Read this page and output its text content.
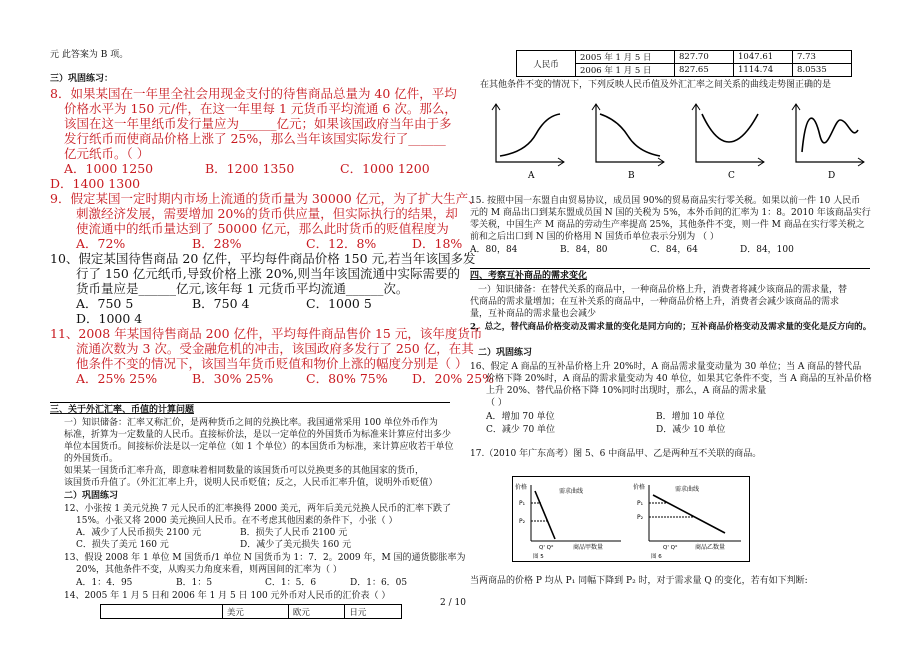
元 此答案为 B 项。
三）巩固练习：
8．如果某国在一年里全社会用现金支付的待售商品总量为 40 亿件，平均
价格水平为 150 元/件，在这一年里每 1 元货币平均流通 6 次。那么，
该国在这一年里纸币发行量应为______亿元；如果该国政府当年由于多
发行纸币而使商品价格上涨了 25%，那么当年该国实际发行了______
亿元纸币。（ ）
A．1000 1250	B．1200 1350	C．1000 1200
D．1400 1300
9．假定某国一定时期内市场上流通的货币量为 30000 亿元，为了扩大生产、
刺激经济发展，需要增加 20%的货币供应量，但实际执行的结果，却
使流通中的纸币量达到了 50000 亿元，那么此时货币的贬值程度为
A．72%	B．28%	C．12．8%	D．18%
10、假定某国待售商品 20 亿件，平均每件商品价格 150 元,若当年该国多发
行了 150 亿元纸币,导致价格上涨 20%,则当年该国流通中实际需要的
货币量应是______亿元,该年每 1 元货币平均流通______次。
A．750 5	B．750 4	C．1000 5
D．1000 4
11、2008 年某国待售商品 200 亿件，平均每件商品售价 15 元，该年度货币
流通次数为 3 次。受金融危机的冲击，该国政府多发行了 250 亿，在其
他条件不变的情况下，该国当年货币贬值和物价上涨的幅度分别是（ ）
A．25% 25%	B．30% 25%	C．80% 75% D．20% 25%
三、关于外汇汇率、币值的计算问题
一）知识储备：汇率又称汇价，是两种货币之间的兑换比率。我国通常采用 100 单位外币作为
标准，折算为一定数量的人民币。直接标价法，是以一定单位的外国货币为标准来计算应付出多少
单位本国货币。间接标价法是以一定单位（如 1 个单位）的本国货币为标准，来计算应收若干单位
的外国货币。
如果某一国货币汇率升高，即意味着相同数量的该国货币可以兑换更多的其他国家的货币，
该国货币升值了。（外汇汇率上升，说明人民币贬值；反之，人民币汇率升值，说明外币贬值）
二）巩固练习
12、小张按 1 美元兑换 7 元人民币的汇率换得 2000 美元，两年后美元兑换人民币的汇率下跌了
15%。小张又将 2000 美元换回人民币。在不考虑其他因素的条件下，小张（ ）
A．减少了人民币损失 2100 元	B．损失了人民币 2100 元
C．损失了美元 160 元	D．减少了美元损失 160 元
13、假设 2008 年 1 单位 M 国货币/1 单位 N 国货币为 1：7．2。2009 年，M 国的通货膨胀率为
20%，其他条件不变，从购买力角度来看，则两国间的汇率为（ ）
A．1：4．95	B．1：5	C．1：5．6	D．1：6．05
14、2005 年 1 月 5 日和 2006 年 1 月 5 日 100 元外币对人民币的汇价表（ ）
	美元	欧元	日元
人民币	2005 年 1 月 5 日	827.70	1047.61	7.73
	2006 年 1 月 5 日	827.65	1114.74	8.0535
在其他条件不变的情况下，下列反映人民币值及外汇汇率之间关系的曲线走势图正确的是
A	B	C	D
15. 按照中国一东盟自由贸易协议，成员国 90%的贸易商品实行零关税。如果以前一件 10 人民币
元的 M 商品出口到某东盟成员国 N 国的关税为 5%，本外币间的汇率为 1：8。2010 年该商品实行
零关税，中国生产 M 商品的劳动生产率提高 25%，其他条件不变，则一件 M 商品在实行零关税之
前和之后出口到 N 国的价格用 N 国货币单位表示分别为 （ ）
A．80，84	B．84，80	C．84，64	D．84，100
四、考察互补商品的需求变化
一）知识储备：在替代关系的商品中，一种商品价格上升，消费者将减少该商品的需求量，替
代商品的需求量增加；在互补关系的商品中，一种商品价格上升，消费者会减少该商品的需求
量，互补商品的需求量也会减少
2，总之，替代商品价格变动及需求量的变化是同方向的；互补商品价格变动及需求量的变化是反方向的。
二）巩固练习
16、假定 A 商品的互补品价格上升 20%时，A 商品需求量变动量为 30 单位；当 A 商品的替代品
价格下降 20%时，A 商品的需求量变动为 40 单位，如果其它条件不变，当 A 商品的互补品价格
上升 20%、替代品价格下降 10%同时出现时，那么，A 商品的需求量
（ ）
A．增加 70 单位	B．增加 10 单位
C．减少 70 单位	D．减少 10 单位
17.（2010 年广东高考）图 5、6 中商品甲、乙是两种互不关联的商品。
价格
P₁
P₂
需求曲线
Q' Q°	商品甲数量
图 5
价格
P₁
P₂
需求曲线
Q' Q°	商品乙数量
图 6
当两商品的价格 P 均从 P₁ 同幅下降到 P₂ 时，对于需求量 Q 的变化，若有如下判断:
2 / 10
